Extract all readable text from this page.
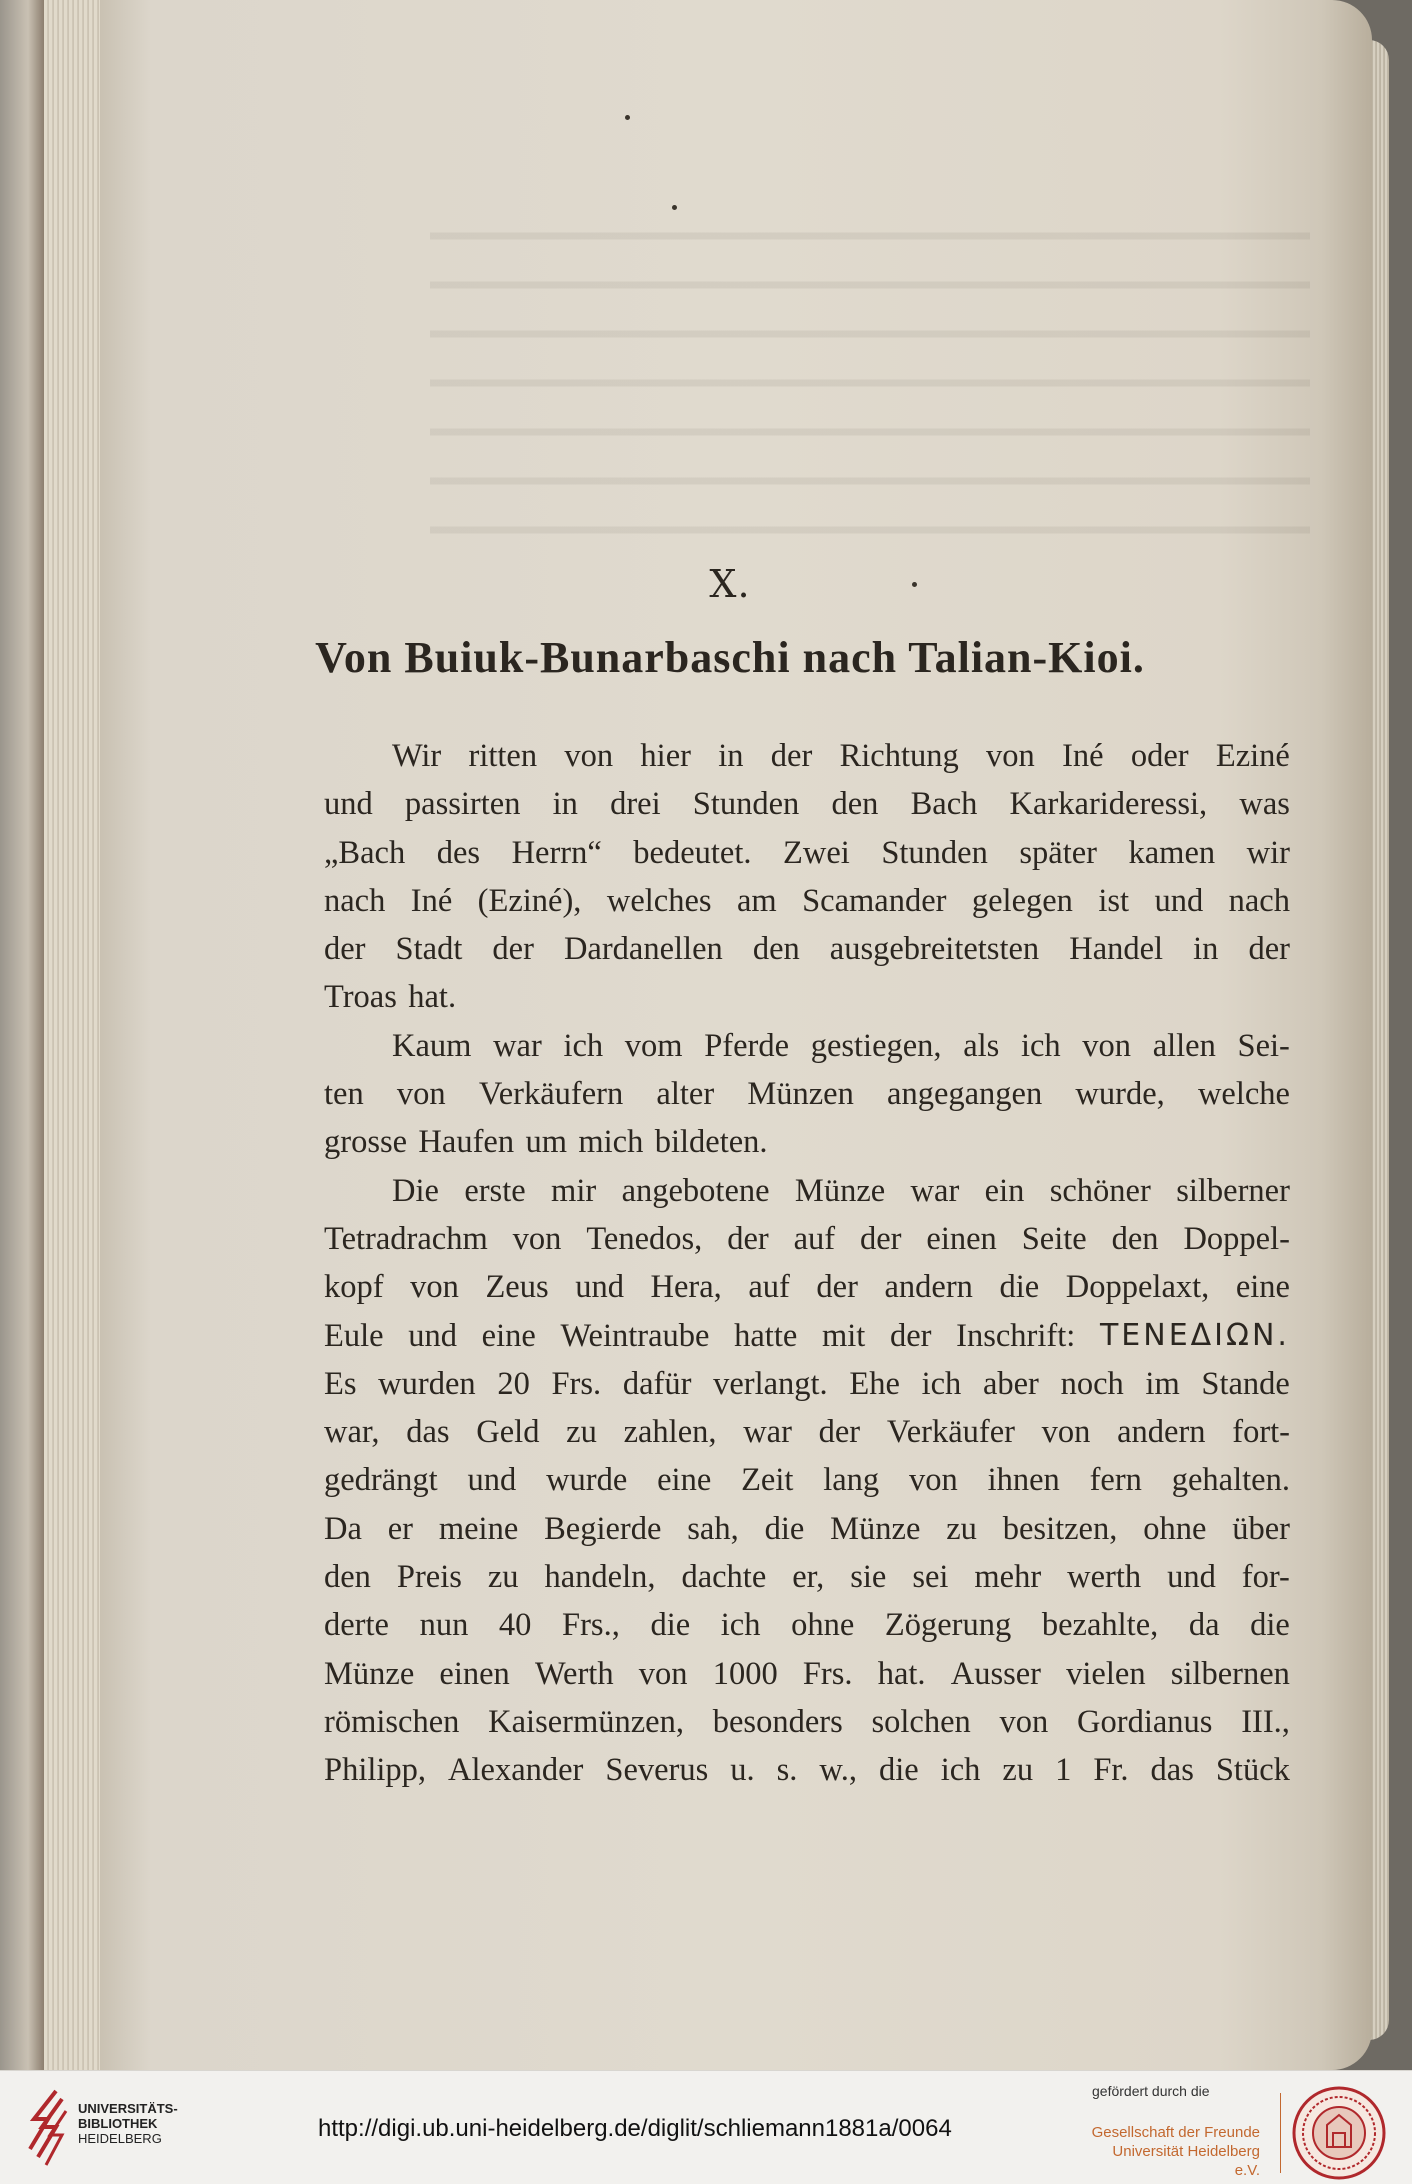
X.
Von Buiuk-Bunarbaschi nach Talian-Kioi.
Wir ritten von hier in der Richtung von Iné oder Eziné
und passirten in drei Stunden den Bach Karkarideressi, was
„Bach des Herrn“ bedeutet. Zwei Stunden später kamen wir
nach Iné (Eziné), welches am Scamander gelegen ist und nach
der Stadt der Dardanellen den ausgebreitetsten Handel in der
Troas hat.
Kaum war ich vom Pferde gestiegen, als ich von allen Sei-
ten von Verkäufern alter Münzen angegangen wurde, welche
grosse Haufen um mich bildeten.
Die erste mir angebotene Münze war ein schöner silberner
Tetradrachm von Tenedos, der auf der einen Seite den Doppel-
kopf von Zeus und Hera, auf der andern die Doppelaxt, eine
Eule und eine Weintraube hatte mit der Inschrift: TENEΔIΩN.
Es wurden 20 Frs. dafür verlangt. Ehe ich aber noch im Stande
war, das Geld zu zahlen, war der Verkäufer von andern fort-
gedrängt und wurde eine Zeit lang von ihnen fern gehalten.
Da er meine Begierde sah, die Münze zu besitzen, ohne über
den Preis zu handeln, dachte er, sie sei mehr werth und for-
derte nun 40 Frs., die ich ohne Zögerung bezahlte, da die
Münze einen Werth von 1000 Frs. hat. Ausser vielen silbernen
römischen Kaisermünzen, besonders solchen von Gordianus III.,
Philipp, Alexander Severus u. s. w., die ich zu 1 Fr. das Stück
UNIVERSITÄTS-
BIBLIOTHEK
HEIDELBERG	http://digi.ub.uni-heidelberg.de/diglit/schliemann1881a/0064
gefördert durch die
Gesellschaft der Freunde
Universität Heidelberg e.V.
